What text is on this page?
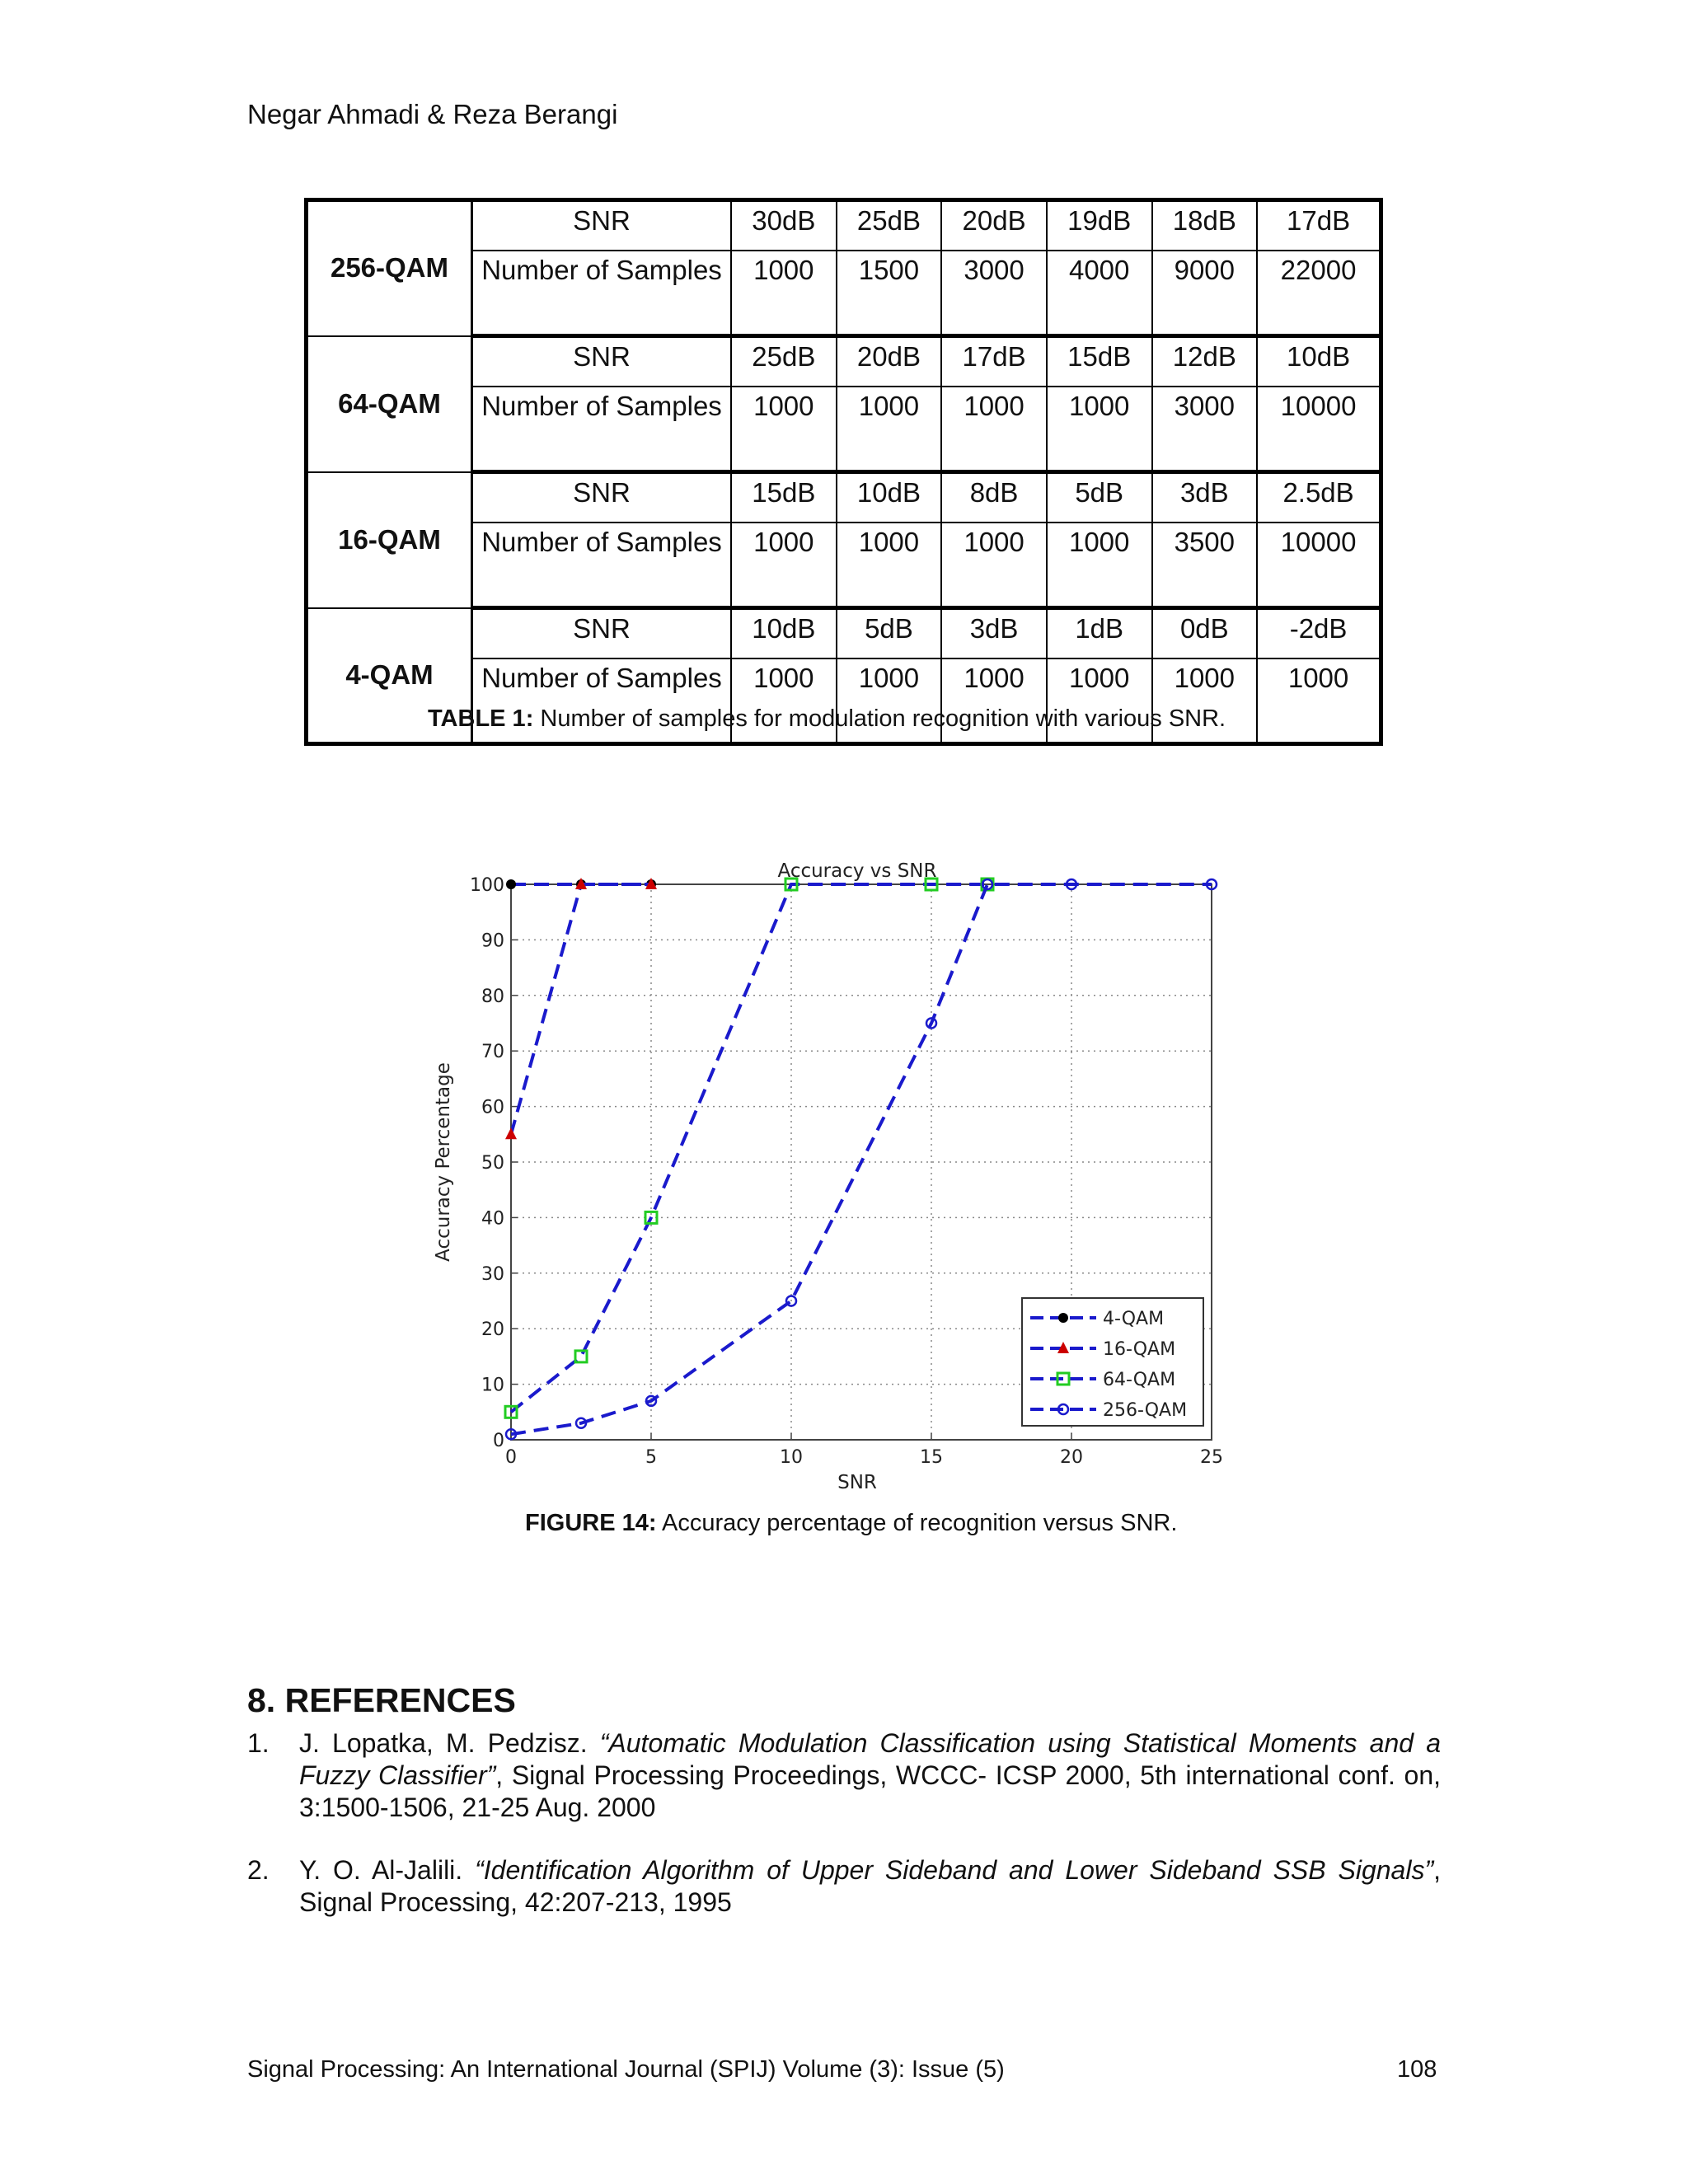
Negar Ahmadi & Reza Berangi
256-QAM	SNR	30dB	25dB	20dB	19dB	18dB	17dB
	Number of Samples	1000	1500	3000	4000	9000	22000
64-QAM	SNR	25dB	20dB	17dB	15dB	12dB	10dB
	Number of Samples	1000	1000	1000	1000	3000	10000
16-QAM	SNR	15dB	10dB	8dB	5dB	3dB	2.5dB
	Number of Samples	1000	1000	1000	1000	3500	10000
4-QAM	SNR	10dB	5dB	3dB	1dB	0dB	-2dB
	Number of Samples	1000	1000	1000	1000	1000	1000
TABLE 1: Number of samples for modulation recognition with various SNR.
0	5	10	15	20	25
0
10
20
30
40
50
60
70
80
90
100
Accuracy vs SNR
SNR
Accuracy Percentage
4-QAM
16-QAM
64-QAM
256-QAM
FIGURE 14: Accuracy percentage of recognition versus SNR.
8. REFERENCES
1. J. Lopatka, M. Pedzisz. “Automatic Modulation Classification using Statistical Moments and a Fuzzy Classifier”, Signal Processing Proceedings, WCCC- ICSP 2000, 5th international conf. on, 3:1500-1506, 21-25 Aug. 2000
2. Y. O. Al-Jalili. “Identification Algorithm of Upper Sideband and Lower Sideband SSB Signals”, Signal Processing, 42:207-213, 1995
Signal Processing: An International Journal (SPIJ) Volume (3): Issue (5)	108
